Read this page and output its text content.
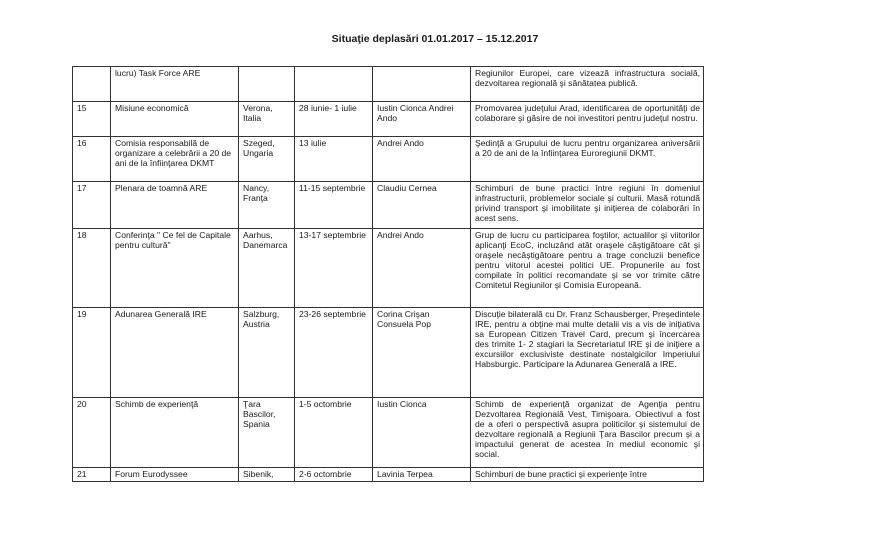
Situaţie deplasări 01.01.2017 – 15.12.2017
	lucru) Task Force ARE				Regiunilor Europei, care vizează infrastructura socială, dezvoltarea regională şi sănătatea publică.
15	Misiune economică	Verona, Italia	28 iunie- 1 iulie	Iustin Cionca Andrei Ando	Promovarea judeţului Arad, identificarea de oportunităţi de colaborare şi găsire de noi investitori pentru judeţul nostru.
16	Comisia responsabilă de organizare a celebrării a 20 de ani de la înfiinţarea DKMT	Szeged, Ungaria	13 iulie	Andrei Ando	Şedinţă a Grupului de lucru pentru organizarea aniversării a 20 de ani de la înfiinţarea Euroregiunii DKMT.
17	Plenara de toamnă ARE	Nancy, Franţa	11-15 septembrie	Claudiu Cernea	Schimburi de bune practici între regiuni în domeniul infrastructurii, problemelor sociale şi culturii. Masă rotundă privind transport şi imobilitate şi iniţierea de colaborări în acest sens.
18	Conferinţa " Ce fel de Capitale pentru cultură"	Aarhus, Danemarca	13-17 septembrie	Andrei Ando	Grup de lucru cu participarea foştilor, actualilor şi viitorilor aplicanţi EcoC, incluzând atât oraşele câştigătoare cât şi oraşele necâştigătoare pentru a trage concluzii benefice pentru viitorul acestei politici UE. Propunerile au fost compilate în politici recomandate şi se vor trimite către Comitetul Regiunilor şi Comisia Europeană.
19	Adunarea Generală IRE	Salzburg, Austria	23-26 septembrie	Corina Crişan Consuela Pop	Discuţie bilaterală cu Dr. Franz Schausberger, Preşedintele IRE, pentru a obţine mai multe detalii vis a vis de iniţiativa sa European Citizen Travel Card, precum şi încercarea des trimite 1- 2 stagiari la Secretariatul IRE şi de iniţiere a excursiilor exclusiviste destinate nostalgicilor Imperiului Habsburgic. Participare la Adunarea Generală a IRE.
20	Schimb de experienţă	Ţara Bascilor, Spania	1-5 octombrie	Iustin Cionca	Schimb de experienţă organizat de Agenţia pentru Dezvoltarea Regională Vest, Timişoara. Obiectivul a fost de a oferi o perspectivă asupra politicilor şi sistemului de dezvoltare regională a Regiunii Ţara Bascilor precum şi a impactului generat de acestea în mediul economic şi social.
21	Forum Eurodyssee	Sibenik,	2-6 octombrie	Lavinia Terpea	Schimburi de bune practici şi experienţe între
